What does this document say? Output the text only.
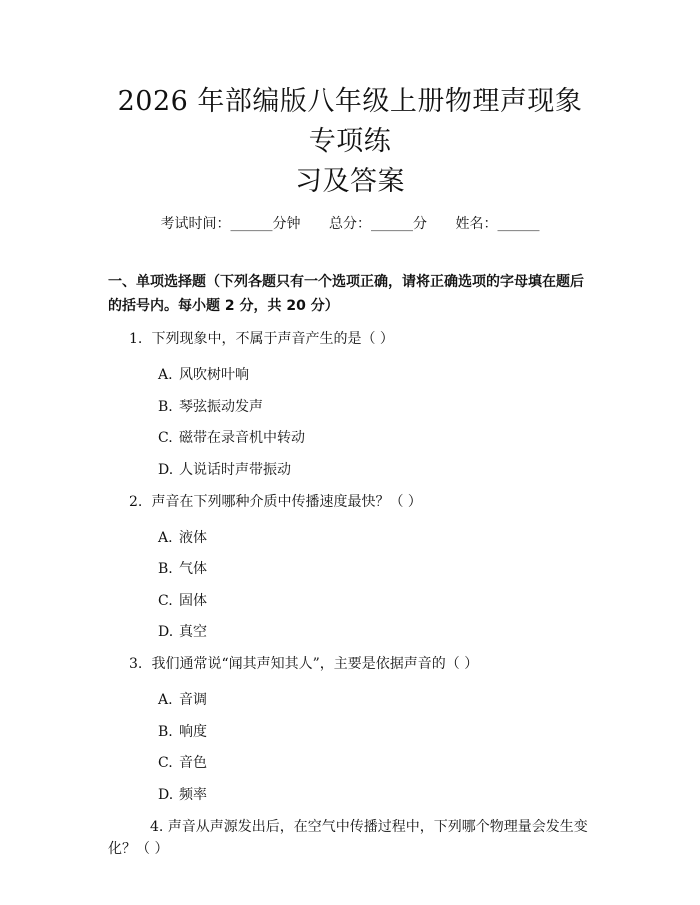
2026 年部编版八年级上册物理声现象专项练
习及答案
考试时间：______分钟 总分：______分 姓名：______
一、单项选择题（下列各题只有一个选项正确，请将正确选项的字母填在题后的括号内。每小题 2 分，共 20 分）
1. 下列现象中，不属于声音产生的是（ ）
A. 风吹树叶响
B. 琴弦振动发声
C. 磁带在录音机中转动
D. 人说话时声带振动
2. 声音在下列哪种介质中传播速度最快？（ ）
A. 液体
B. 气体
C. 固体
D. 真空
3. 我们通常说“闻其声知其人”，主要是依据声音的（ ）
A. 音调
B. 响度
C. 音色
D. 频率
4. 声音从声源发出后，在空气中传播过程中，下列哪个物理量会发生变化？（ ）
